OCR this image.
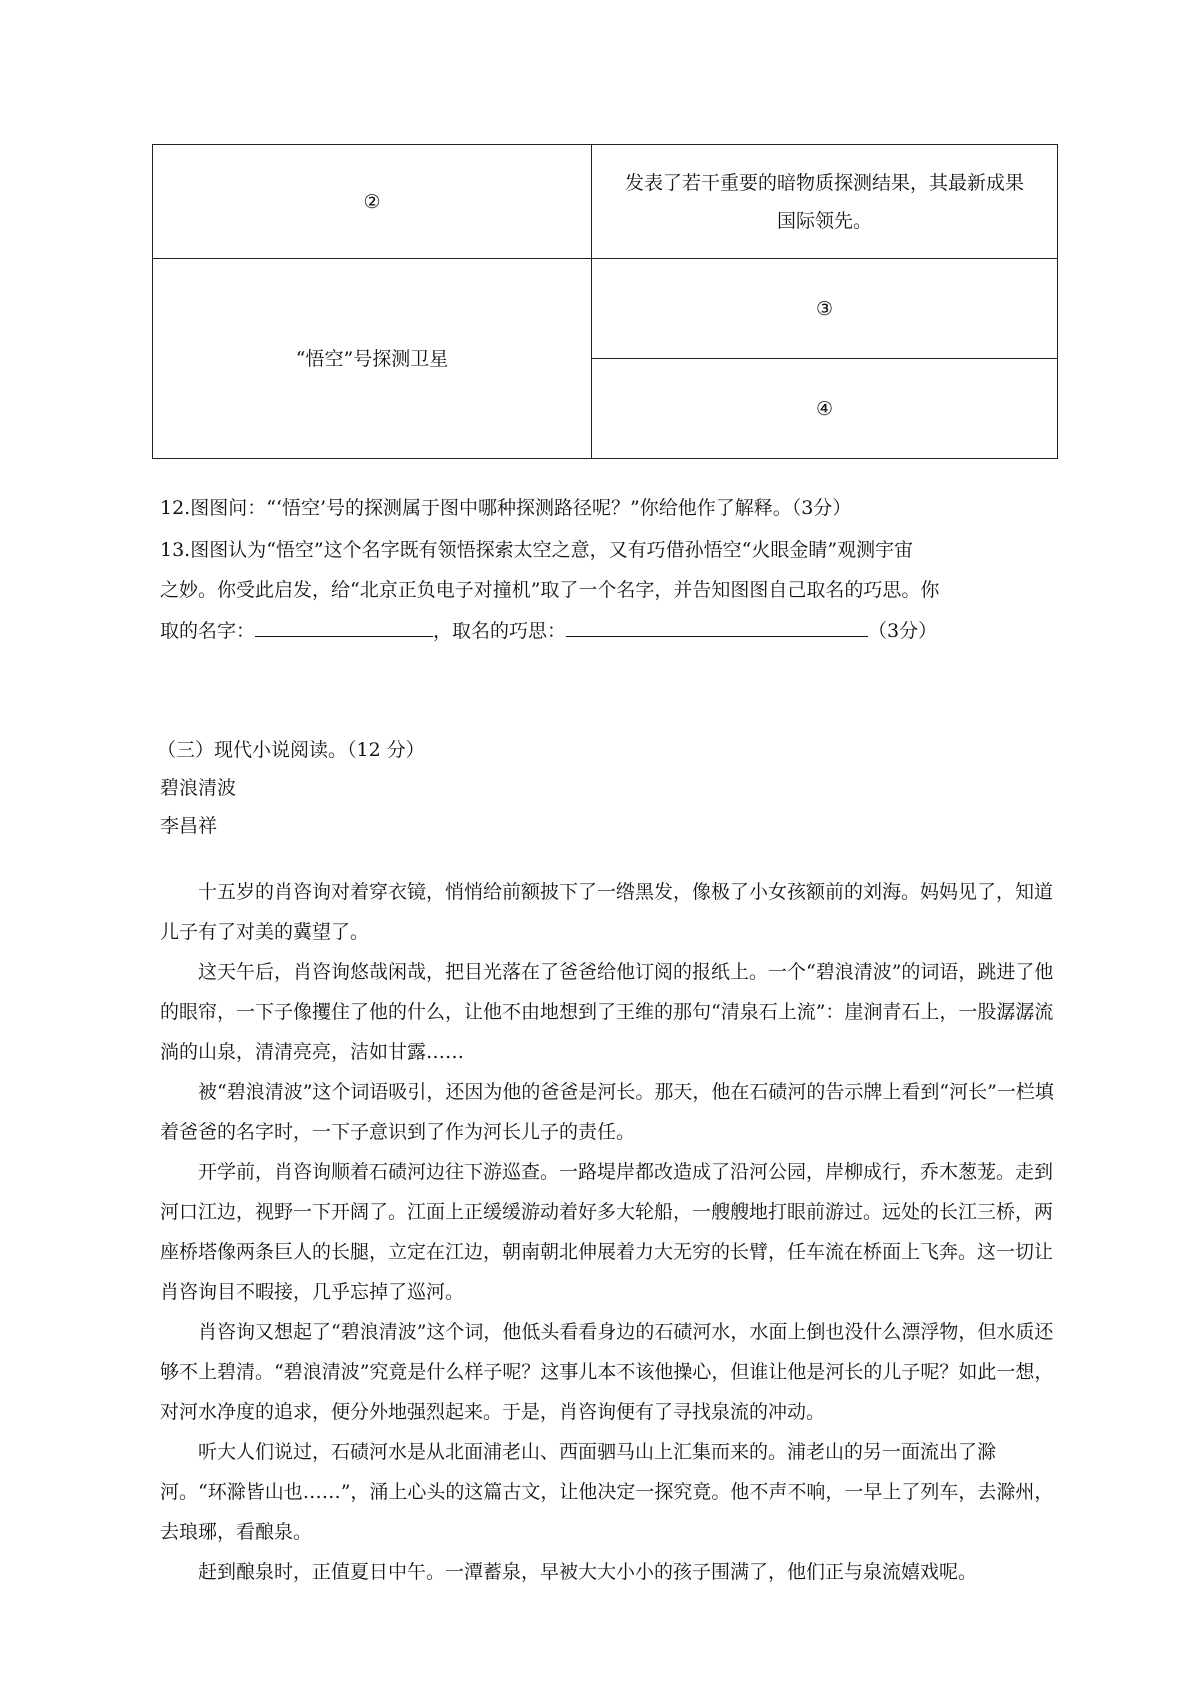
②	发表了若干重要的暗物质探测结果，其最新成果国际领先。
“悟空”号探测卫星	③
	④
12.图图问：“‘悟空’号的探测属于图中哪种探测路径呢？”你给他作了解释。（3分）
13.图图认为“悟空”这个名字既有领悟探索太空之意，又有巧借孙悟空“火眼金睛”观测宇宙
之妙。你受此启发，给“北京正负电子对撞机”取了一个名字，并告知图图自己取名的巧思。你
取的名字：	，取名的巧思：	（3分）
（三）现代小说阅读。（12 分）
碧浪清波
李昌祥

　　十五岁的肖咨询对着穿衣镜，悄悄给前额披下了一绺黑发，像极了小女孩额前的刘海。妈妈见了，知道儿子有了对美的冀望了。

　　这天午后，肖咨询悠哉闲哉，把目光落在了爸爸给他订阅的报纸上。一个“碧浪清波”的词语，跳进了他的眼帘，一下子像攫住了他的什么，让他不由地想到了王维的那句“清泉石上流”：崖涧青石上，一股潺潺流淌的山泉，清清亮亮，洁如甘露……

　　被“碧浪清波”这个词语吸引，还因为他的爸爸是河长。那天，他在石碛河的告示牌上看到“河长”一栏填着爸爸的名字时，一下子意识到了作为河长儿子的责任。

　　开学前，肖咨询顺着石碛河边往下游巡查。一路堤岸都改造成了沿河公园，岸柳成行，乔木葱茏。走到河口江边，视野一下开阔了。江面上正缓缓游动着好多大轮船，一艘艘地打眼前游过。远处的长江三桥，两座桥塔像两条巨人的长腿，立定在江边，朝南朝北伸展着力大无穷的长臂，任车流在桥面上飞奔。这一切让肖咨询目不暇接，几乎忘掉了巡河。

　　肖咨询又想起了“碧浪清波”这个词，他低头看看身边的石碛河水，水面上倒也没什么漂浮物，但水质还够不上碧清。“碧浪清波”究竟是什么样子呢？这事儿本不该他操心，但谁让他是河长的儿子呢？如此一想，对河水净度的追求，便分外地强烈起来。于是，肖咨询便有了寻找泉流的冲动。

　　听大人们说过，石碛河水是从北面浦老山、西面驷马山上汇集而来的。浦老山的另一面流出了滁河。“环滁皆山也……”，涌上心头的这篇古文，让他决定一探究竟。他不声不响，一早上了列车，去滁州，去琅琊，看酿泉。

　　赶到酿泉时，正值夏日中午。一潭蓄泉，早被大大小小的孩子围满了，他们正与泉流嬉戏呢。
